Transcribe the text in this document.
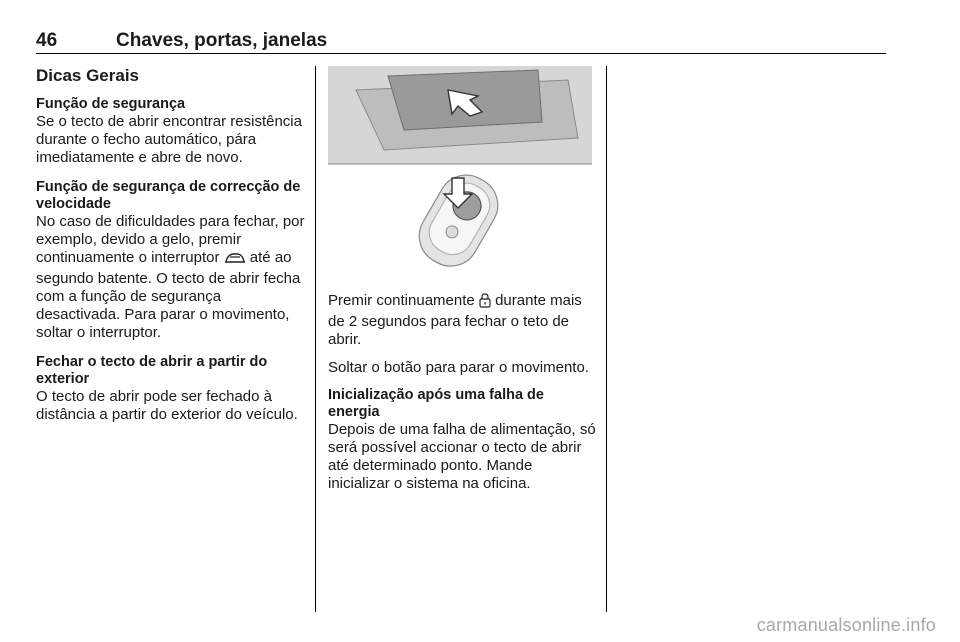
46	Chaves, portas, janelas
Dicas Gerais
Função de segurança

Se o tecto de abrir encontrar resistência durante o fecho automático, pára imediatamente e abre de novo.

Função de segurança de correcção de velocidade

No caso de dificuldades para fechar, por exemplo, devido a gelo, premir continuamente o interruptor até ao segundo batente. O tecto de abrir fecha com a função de segurança desactivada. Para parar o movimento, soltar o interruptor.

Fechar o tecto de abrir a partir do exterior

O tecto de abrir pode ser fechado à distância a partir do exterior do veículo.

Premir continuamente durante mais de 2 segundos para fechar o teto de abrir.
Soltar o botão para parar o movimento.
Inicialização após uma falha de energia

Depois de uma falha de alimentação, só será possível accionar o tecto de abrir até determinado ponto. Mande inicializar o sistema na oficina.

carmanualsonline.info
